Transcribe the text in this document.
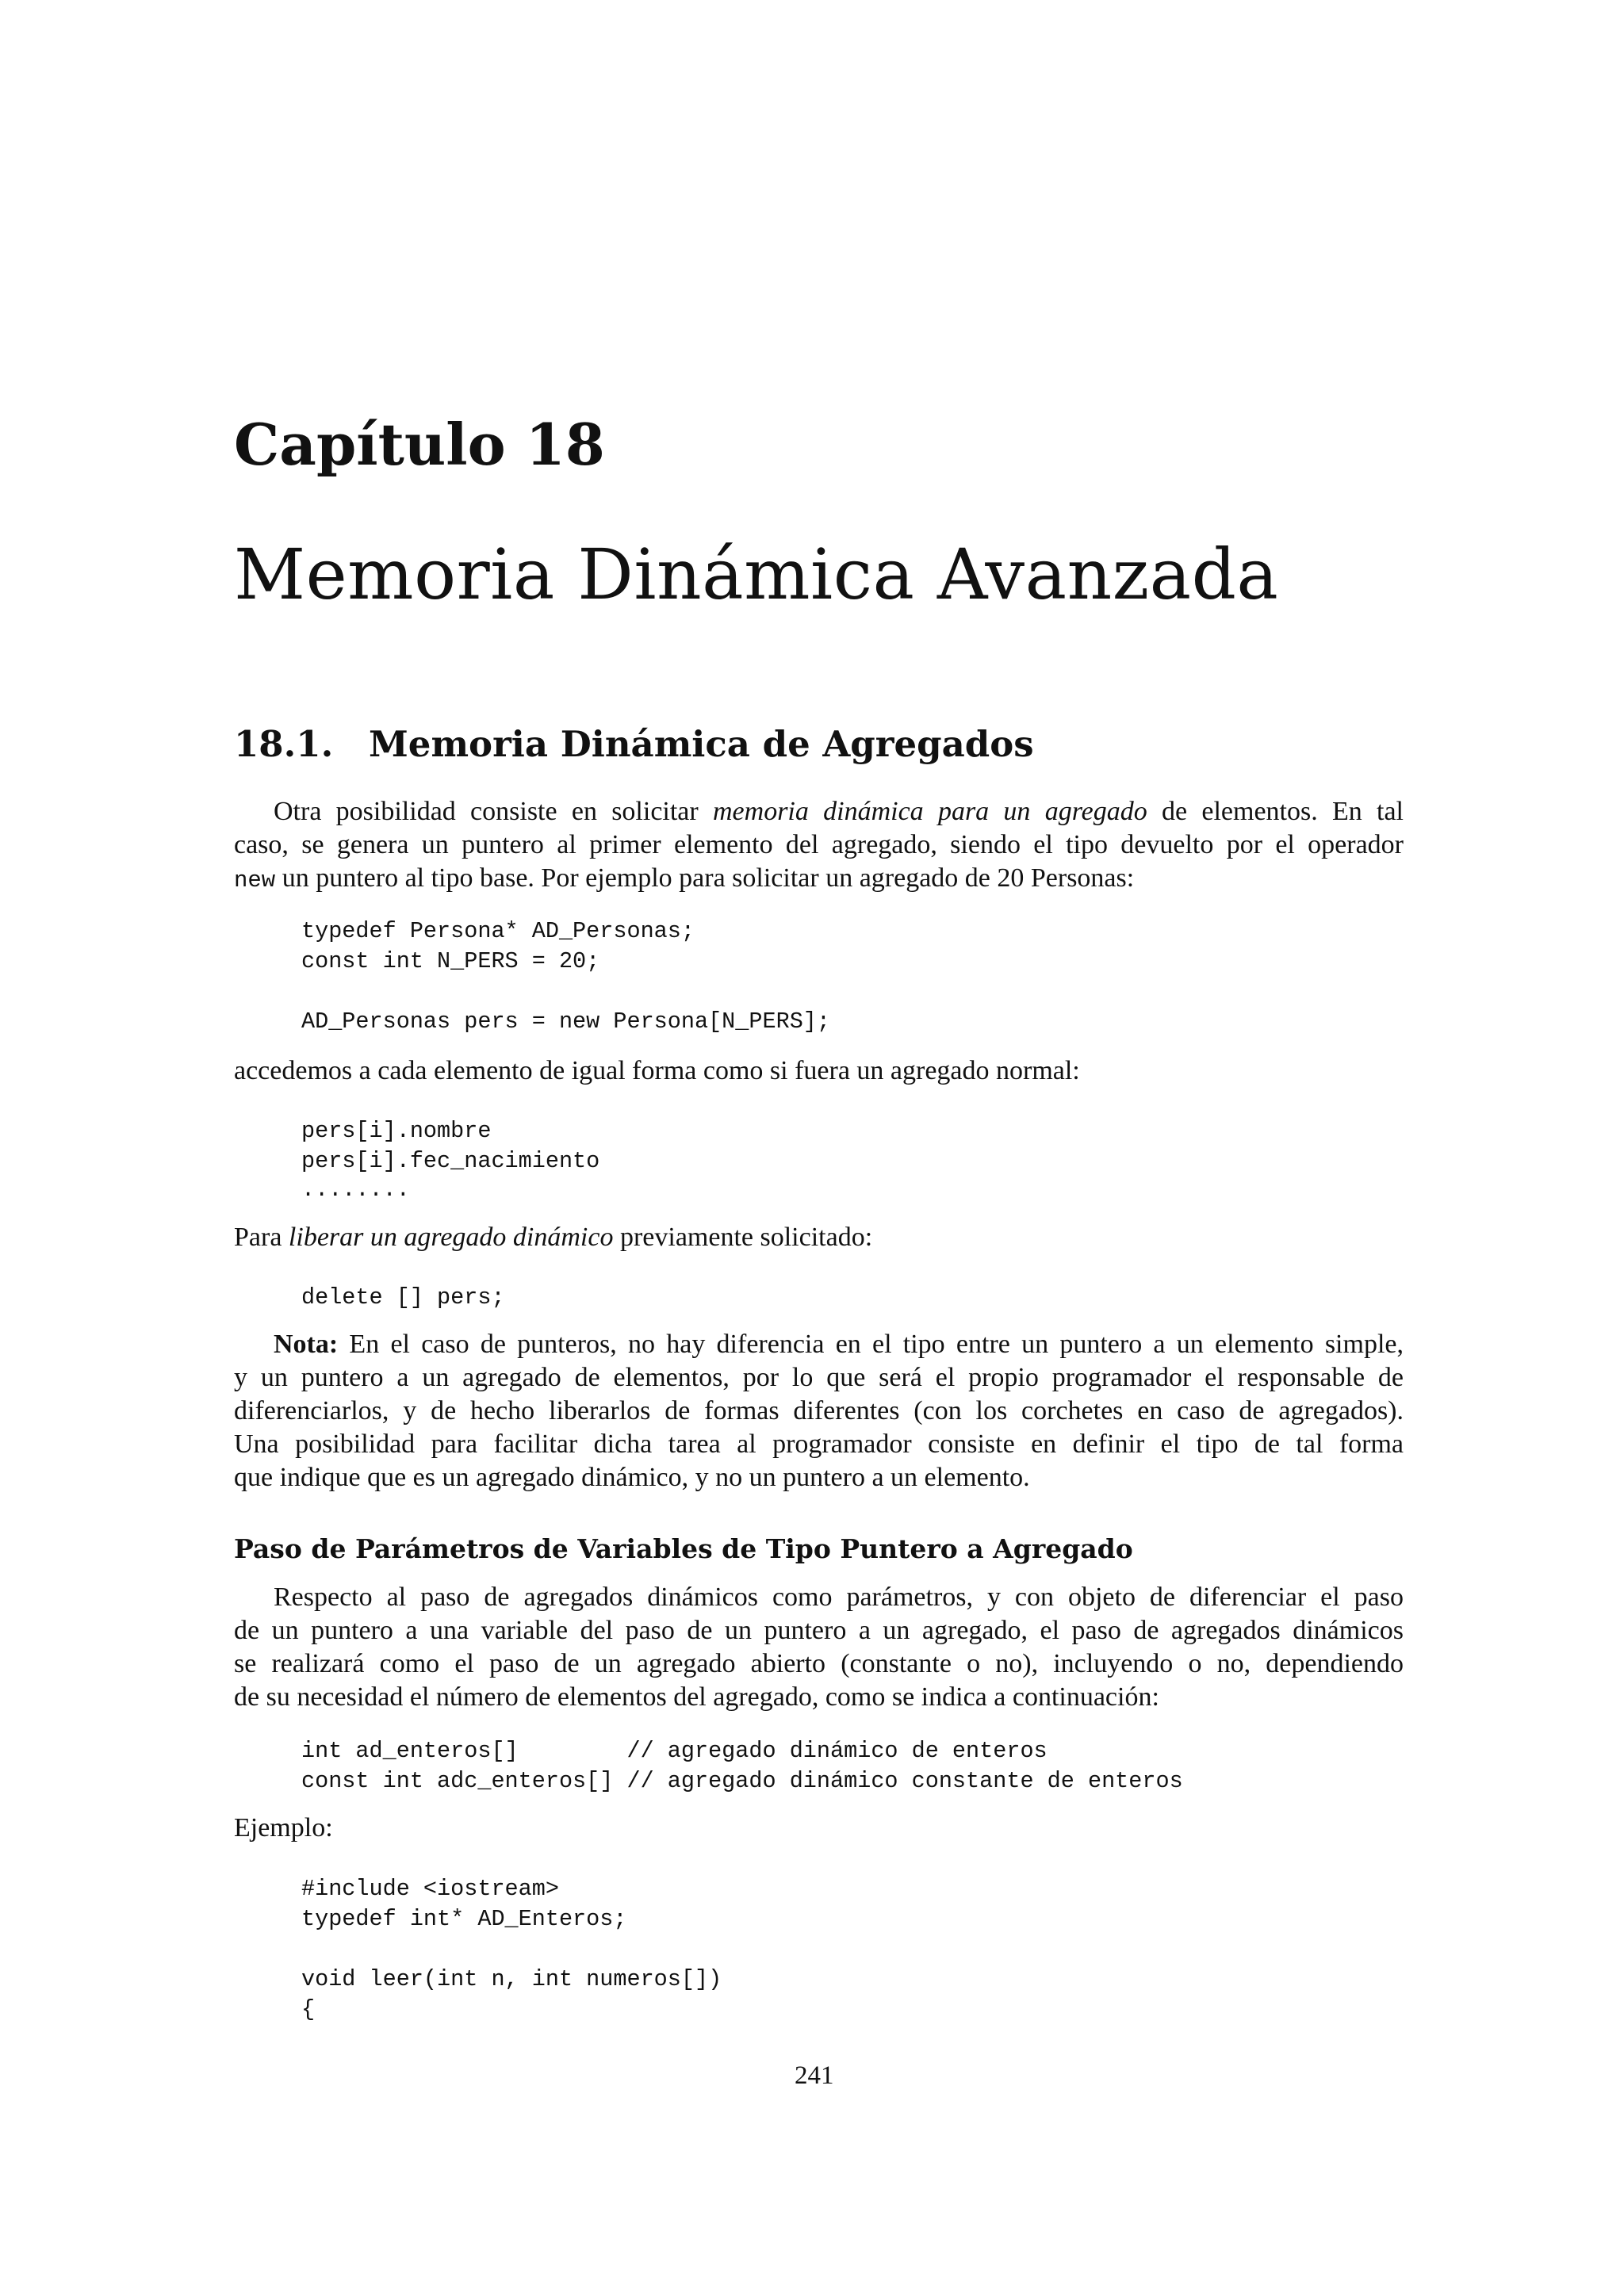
Capítulo 18
Memoria Dinámica Avanzada
18.1. Memoria Dinámica de Agregados
Otra posibilidad consiste en solicitar memoria dinámica para un agregado de elementos. En tal
caso, se genera un puntero al primer elemento del agregado, siendo el tipo devuelto por el operador
new un puntero al tipo base. Por ejemplo para solicitar un agregado de 20 Personas:
typedef Persona* AD_Personas;
const int N_PERS = 20;
AD_Personas pers = new Persona[N_PERS];
accedemos a cada elemento de igual forma como si fuera un agregado normal:
pers[i].nombre
pers[i].fec_nacimiento
........
Para liberar un agregado dinámico previamente solicitado:
delete [] pers;
Nota: En el caso de punteros, no hay diferencia en el tipo entre un puntero a un elemento simple,
y un puntero a un agregado de elementos, por lo que será el propio programador el responsable de
diferenciarlos, y de hecho liberarlos de formas diferentes (con los corchetes en caso de agregados).
Una posibilidad para facilitar dicha tarea al programador consiste en definir el tipo de tal forma
que indique que es un agregado dinámico, y no un puntero a un elemento.
Paso de Parámetros de Variables de Tipo Puntero a Agregado
Respecto al paso de agregados dinámicos como parámetros, y con objeto de diferenciar el paso
de un puntero a una variable del paso de un puntero a un agregado, el paso de agregados dinámicos
se realizará como el paso de un agregado abierto (constante o no), incluyendo o no, dependiendo
de su necesidad el número de elementos del agregado, como se indica a continuación:
int ad_enteros[]        // agregado dinámico de enteros
const int adc_enteros[] // agregado dinámico constante de enteros
Ejemplo:
#include <iostream>
typedef int* AD_Enteros;
void leer(int n, int numeros[])
{
241
